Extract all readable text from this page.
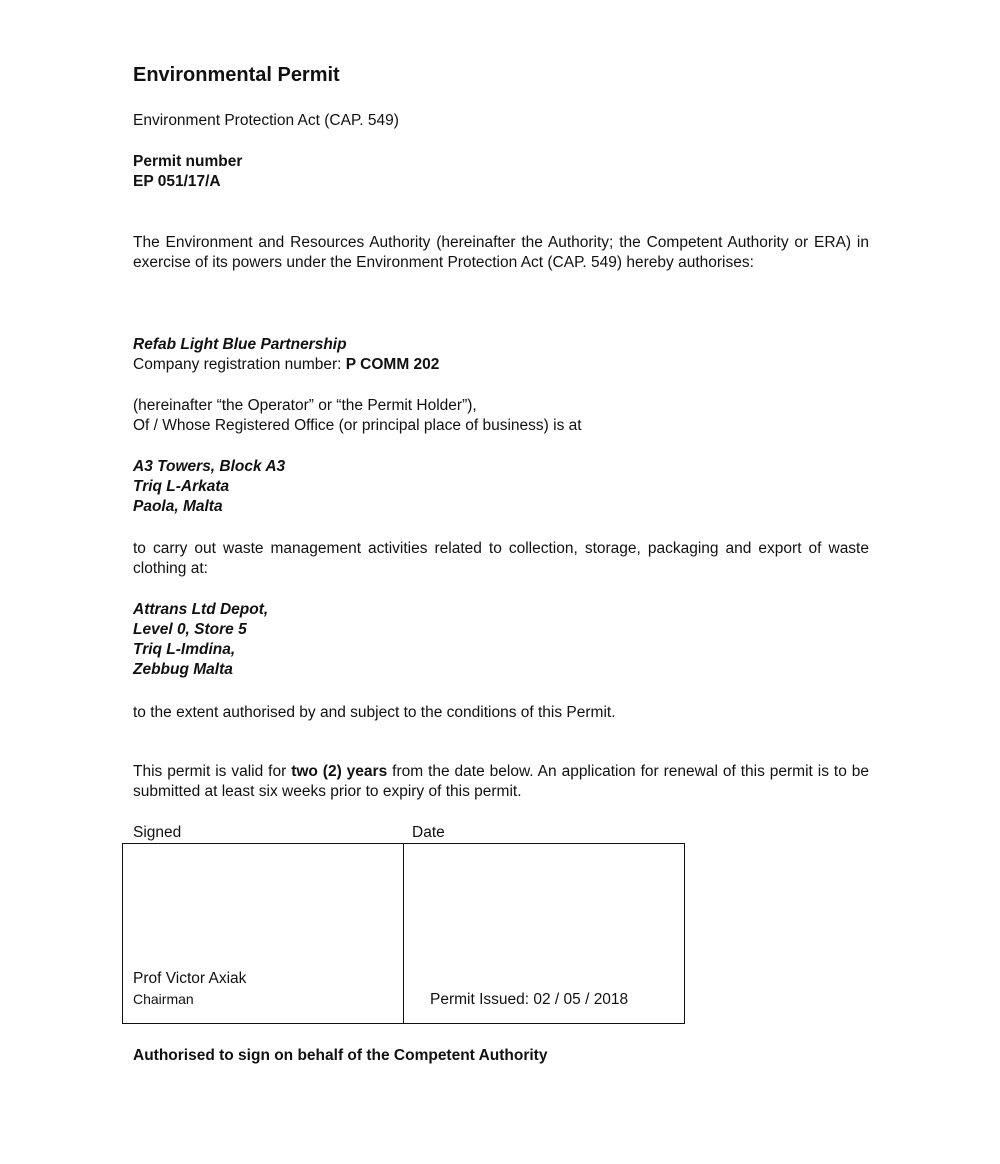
Environmental Permit

Environment Protection Act (CAP. 549)

Permit number
EP 051/17/A

The Environment and Resources Authority (hereinafter the Authority; the Competent Authority or ERA) in exercise of its powers under the Environment Protection Act (CAP. 549) hereby authorises:

Refab Light Blue Partnership
Company registration number: P COMM 202
(hereinafter “the Operator” or “the Permit Holder”),
Of / Whose Registered Office (or principal place of business) is at
A3 Towers, Block A3
Triq L-Arkata
Paola, Malta

to carry out waste management activities related to collection, storage, packaging and export of waste clothing at:

Attrans Ltd Depot,
Level 0, Store 5
Triq L-Imdina,
Zebbug Malta

to the extent authorised by and subject to the conditions of this Permit.

This permit is valid for two (2) years from the date below. An application for renewal of this permit is to be submitted at least six weeks prior to expiry of this permit.

Signed	Date

Prof Victor Axiak

Chairman	Permit Issued: 02 / 05 / 2018

Authorised to sign on behalf of the Competent Authority
